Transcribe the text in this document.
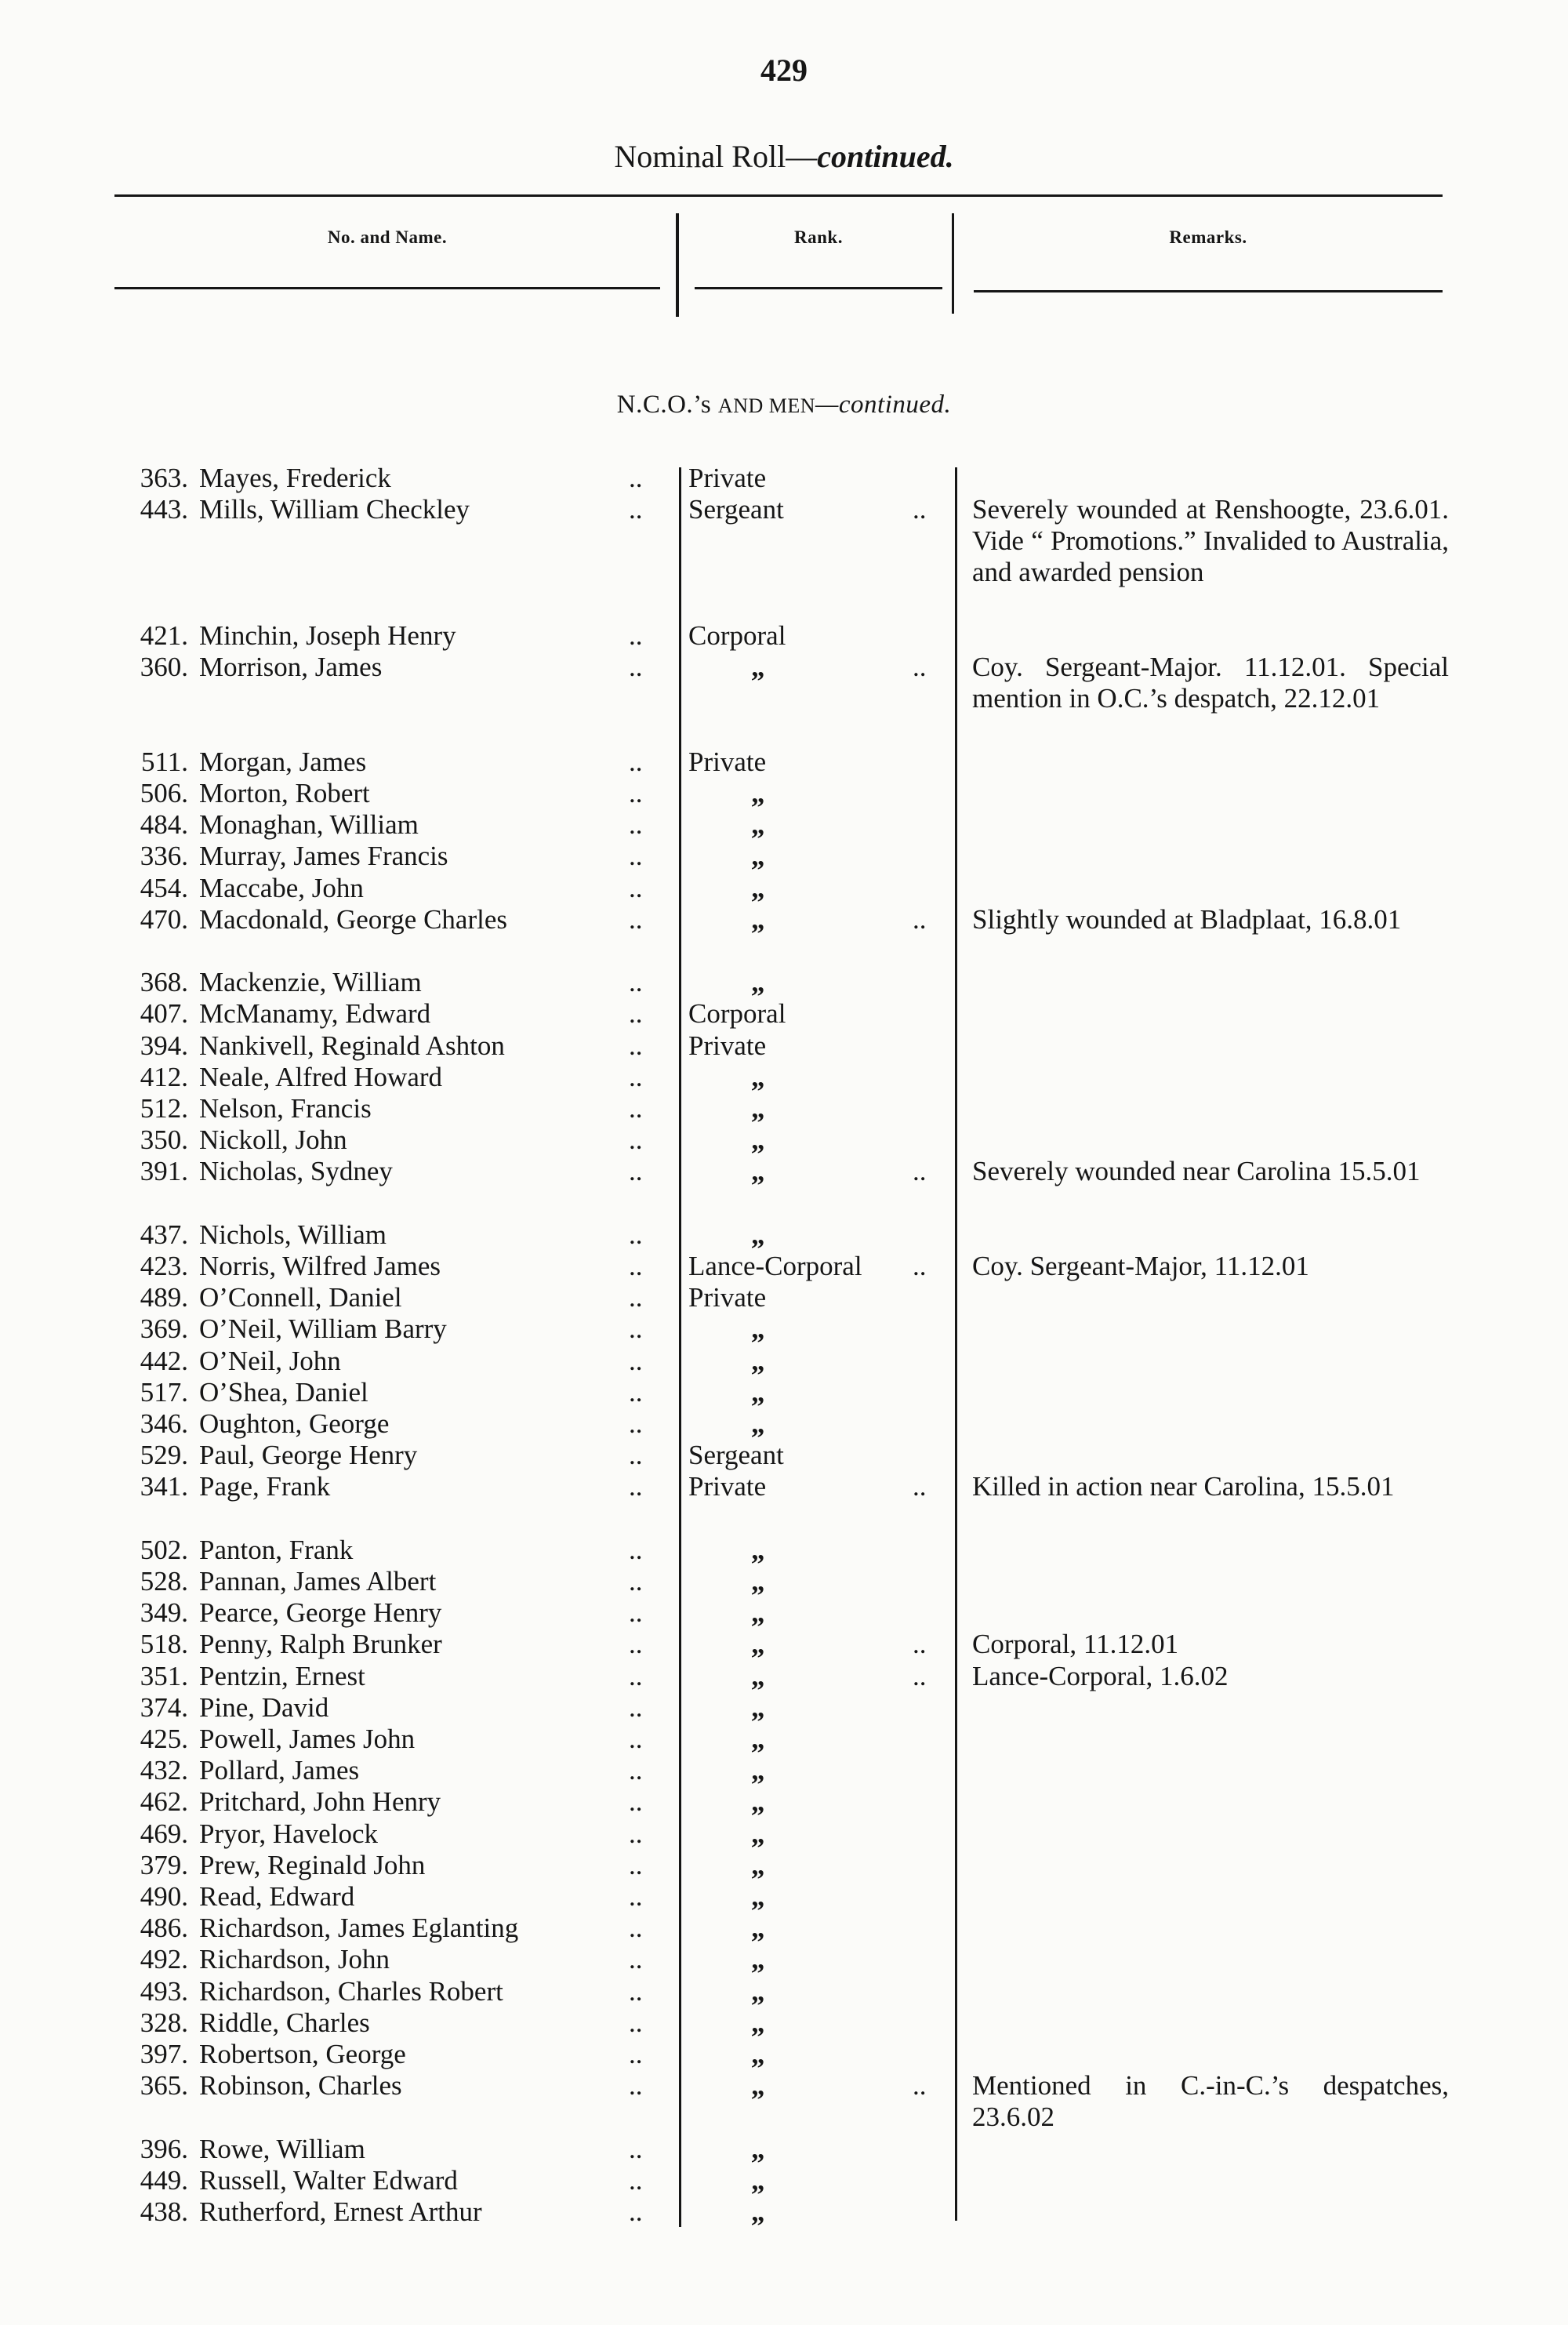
429
Nominal Roll—continued.
No. and Name.	Rank.	Remarks.
N.C.O.’s AND MEN—continued.
363. Mayes, Frederick	.. Private
443. Mills, William Checkley	.. Sergeant	.. Severely wounded at Renshoogte, 23.6.01. Vide “ Promotions.” Invalided to Australia, and awarded pension
421. Minchin, Joseph Henry	.. Corporal
360. Morrison, James	..	„	.. Coy. Sergeant-Major. 11.12.01. Special mention in O.C.’s despatch, 22.12.01
511. Morgan, James	.. Private
506. Morton, Robert	..	„
484. Monaghan, William	..	„
336. Murray, James Francis	..	„
454. Maccabe, John	..	„
470. Macdonald, George Charles	..	„	.. Slightly wounded at Bladplaat, 16.8.01
368. Mackenzie, William	..	„
407. McManamy, Edward	.. Corporal
394. Nankivell, Reginald Ashton	.. Private
412. Neale, Alfred Howard	..	„
512. Nelson, Francis	..	„
350. Nickoll, John	..	„
391. Nicholas, Sydney	..	„	.. Severely wounded near Carolina 15.5.01
437. Nichols, William	..	„
423. Norris, Wilfred James	.. Lance-Corporal .. Coy. Sergeant-Major, 11.12.01
489. O’Connell, Daniel	.. Private
369. O’Neil, William Barry	..	„
442. O’Neil, John	..	„
517. O’Shea, Daniel	..	„
346. Oughton, George	..	„
529. Paul, George Henry	.. Sergeant
341. Page, Frank	.. Private	.. Killed in action near Carolina, 15.5.01
502. Panton, Frank	..	„
528. Pannan, James Albert	..	„
349. Pearce, George Henry	..	„
518. Penny, Ralph Brunker	..	„	.. Corporal, 11.12.01
351. Pentzin, Ernest	..	„	.. Lance-Corporal, 1.6.02
374. Pine, David	..	„
425. Powell, James John	..	„
432. Pollard, James	..	„
462. Pritchard, John Henry	..	„
469. Pryor, Havelock	..	„
379. Prew, Reginald John	..	„
490. Read, Edward	..	„
486. Richardson, James Eglanting	..	„
492. Richardson, John	..	„
493. Richardson, Charles Robert	..	„
328. Riddle, Charles	..	„
397. Robertson, George	..	„
365. Robinson, Charles	..	„	.. Mentioned in C.-in-C.’s despatches, 23.6.02
396. Rowe, William	..	„
449. Russell, Walter Edward	..	„
438. Rutherford, Ernest Arthur	..	„
